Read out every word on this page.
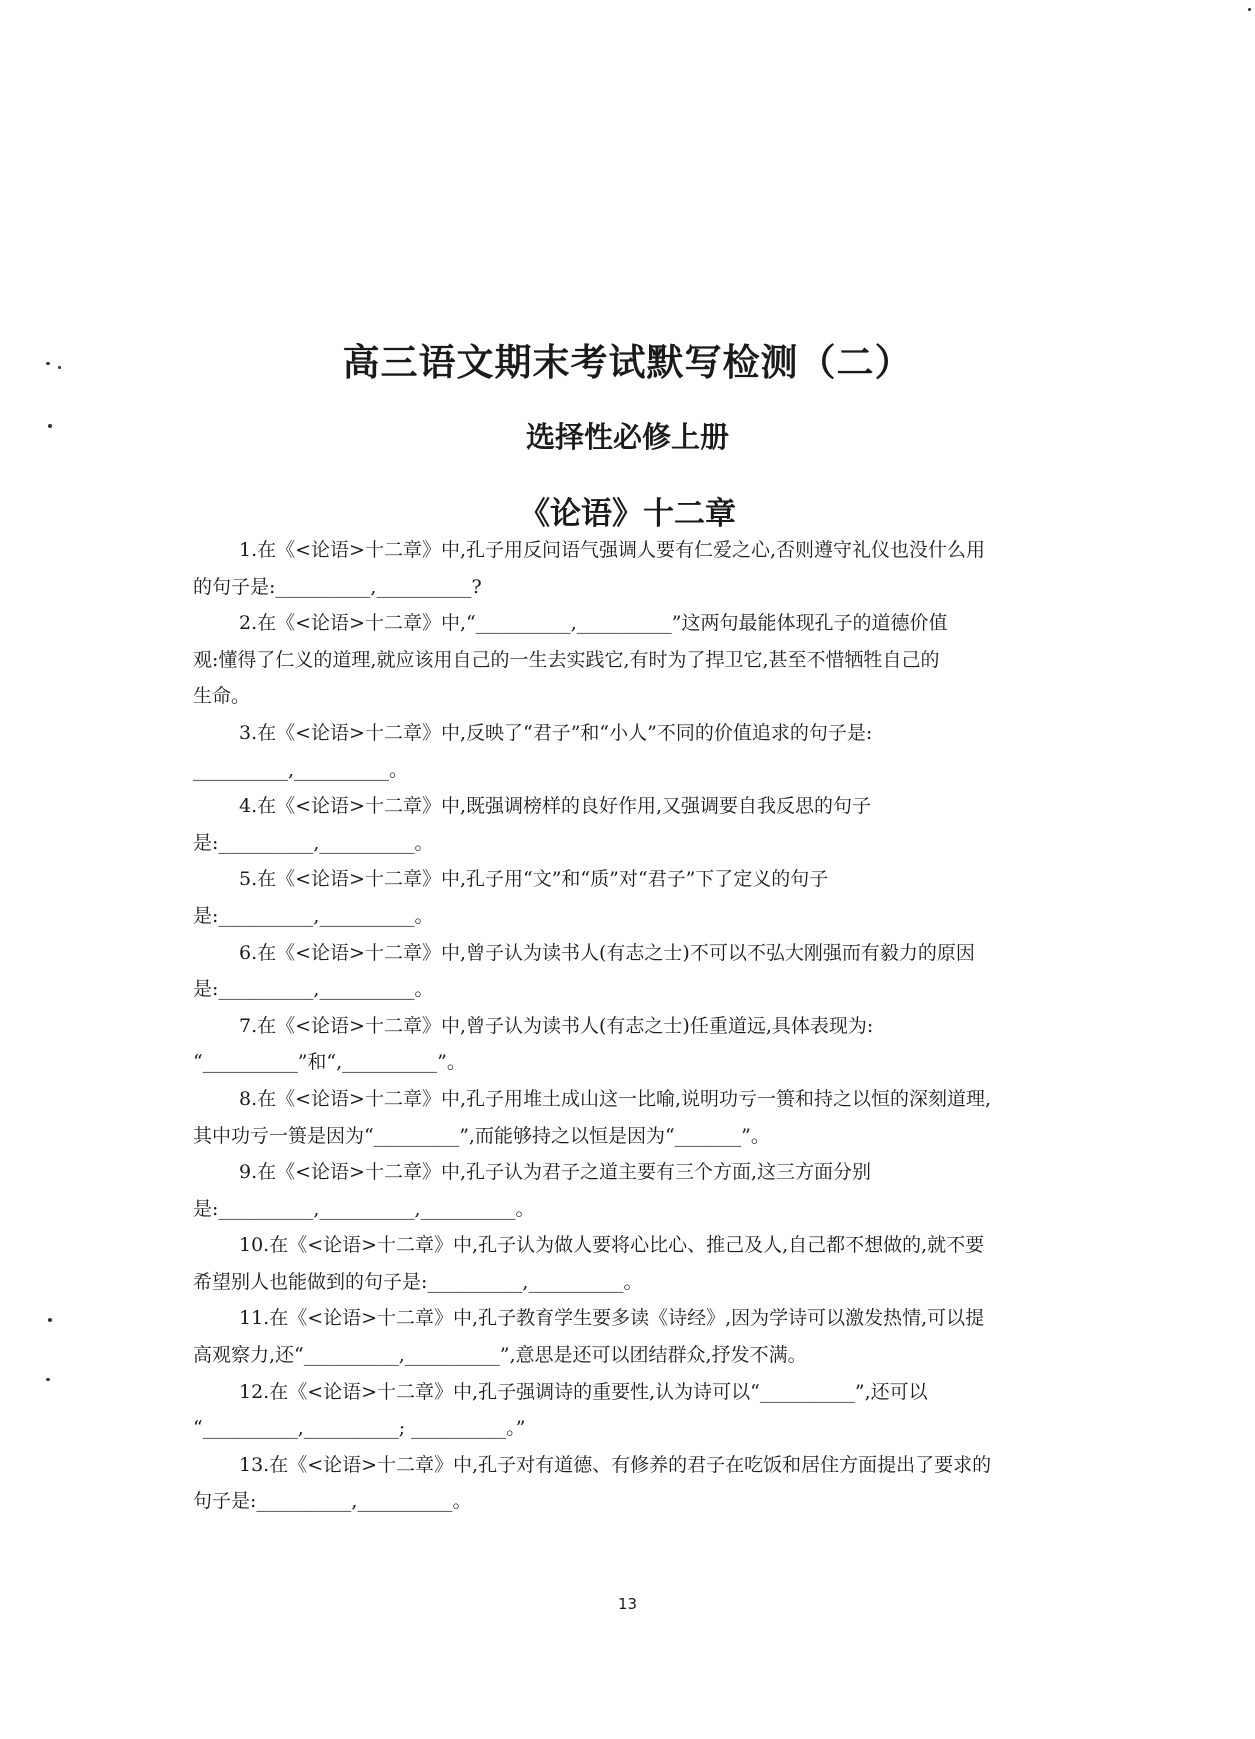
高三语文期末考试默写检测（二）
选择性必修上册
《论语》十二章
1.在《<论语>十二章》中,孔子用反问语气强调人要有仁爱之心,否则遵守礼仪也没什么用
的句子是:__________,__________?
2.在《<论语>十二章》中,“__________,__________”这两句最能体现孔子的道德价值
观:懂得了仁义的道理,就应该用自己的一生去实践它,有时为了捍卫它,甚至不惜牺牲自己的
生命。
3.在《<论语>十二章》中,反映了“君子”和“小人”不同的价值追求的句子是:
__________,__________。
4.在《<论语>十二章》中,既强调榜样的良好作用,又强调要自我反思的句子
是:__________,__________。
5.在《<论语>十二章》中,孔子用“文”和“质”对“君子”下了定义的句子
是:__________,__________。
6.在《<论语>十二章》中,曾子认为读书人(有志之士)不可以不弘大刚强而有毅力的原因
是:__________,__________。
7.在《<论语>十二章》中,曾子认为读书人(有志之士)任重道远,具体表现为:
“__________”和“,__________”。
8.在《<论语>十二章》中,孔子用堆土成山这一比喻,说明功亏一篑和持之以恒的深刻道理,
其中功亏一篑是因为“_________”,而能够持之以恒是因为“_______”。
9.在《<论语>十二章》中,孔子认为君子之道主要有三个方面,这三方面分别
是:__________,__________,__________。
10.在《<论语>十二章》中,孔子认为做人要将心比心、推己及人,自己都不想做的,就不要
希望别人也能做到的句子是:__________,__________。
11.在《<论语>十二章》中,孔子教育学生要多读《诗经》,因为学诗可以激发热情,可以提
高观察力,还“__________,__________”,意思是还可以团结群众,抒发不满。
12.在《<论语>十二章》中,孔子强调诗的重要性,认为诗可以“__________”,还可以
“__________,__________; __________。”
13.在《<论语>十二章》中,孔子对有道德、有修养的君子在吃饭和居住方面提出了要求的
句子是:__________,__________。
13
